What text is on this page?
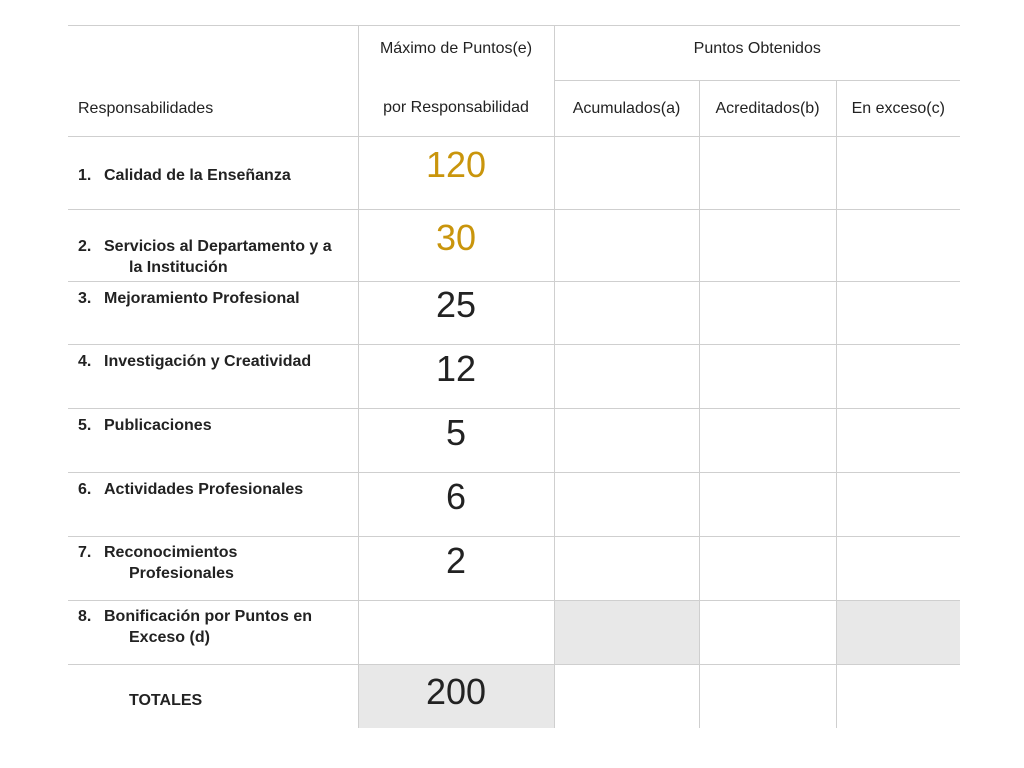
Responsabilidades	Máximo de Puntos(e)	Puntos Obtenidos		
	por Responsabilidad	Acumulados(a)	Acreditados(b)	En exceso(c)

1. Calidad de la Enseñanza	120			

2. Servicios al Departamento y a
la Institución	30			

3. Mejoramiento Profesional	25			

4. Investigación y Creatividad	12			

5. Publicaciones	5			

6. Actividades Profesionales	6			

7. Reconocimientos
Profesionales	2			

8. Bonificación por Puntos en
Exceso (d)				

TOTALES	200			
